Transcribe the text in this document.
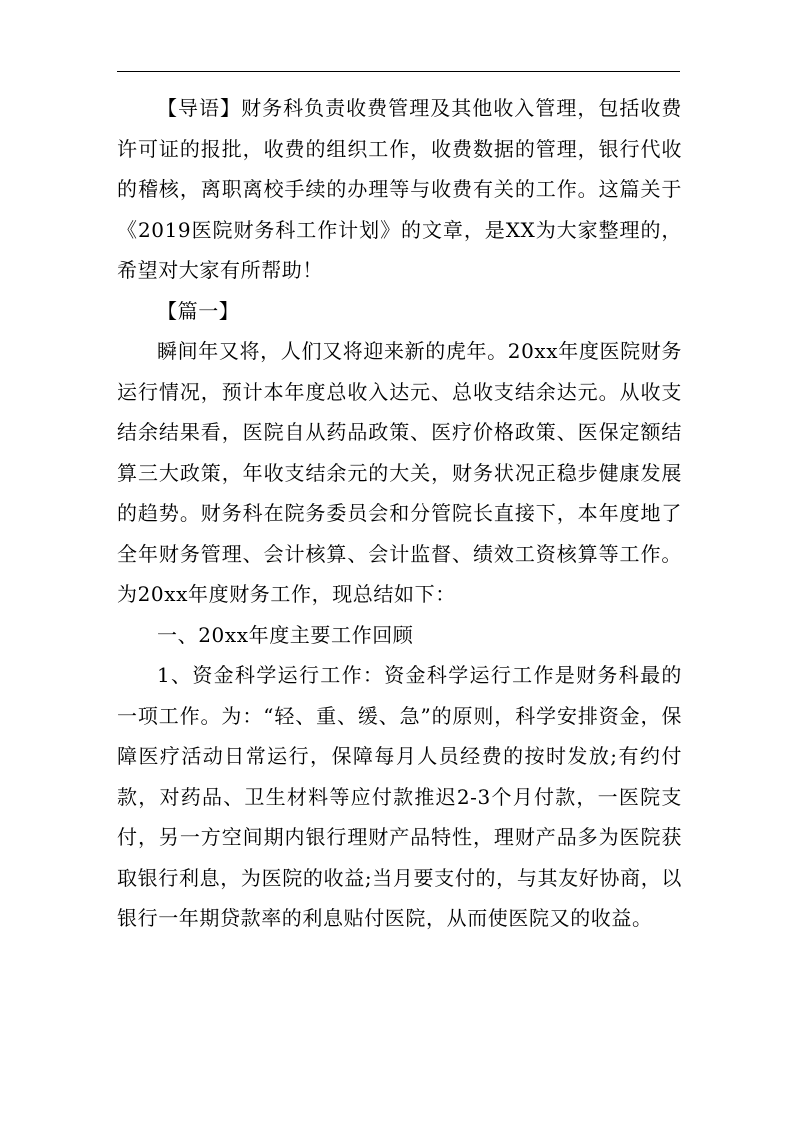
【导语】财务科负责收费管理及其他收入管理，包括收费许可证的报批，收费的组织工作，收费数据的管理，银行代收的稽核，离职离校手续的办理等与收费有关的工作。这篇关于《2019医院财务科工作计划》的文章，是XX为大家整理的，希望对大家有所帮助！

【篇一】

瞬间年又将，人们又将迎来新的虎年。20xx年度医院财务运行情况，预计本年度总收入达元、总收支结余达元。从收支结余结果看，医院自从药品政策、医疗价格政策、医保定额结算三大政策，年收支结余元的大关，财务状况正稳步健康发展的趋势。财务科在院务委员会和分管院长直接下，本年度地了全年财务管理、会计核算、会计监督、绩效工资核算等工作。为20xx年度财务工作，现总结如下：

一、20xx年度主要工作回顾

1、资金科学运行工作：资金科学运行工作是财务科最的一项工作。为：“轻、重、缓、急”的原则，科学安排资金，保障医疗活动日常运行，保障每月人员经费的按时发放;有约付款，对药品、卫生材料等应付款推迟2-3个月付款，一医院支付，另一方空间期内银行理财产品特性，理财产品多为医院获取银行利息，为医院的收益;当月要支付的，与其友好协商，以银行一年期贷款率的利息贴付医院，从而使医院又的收益。
